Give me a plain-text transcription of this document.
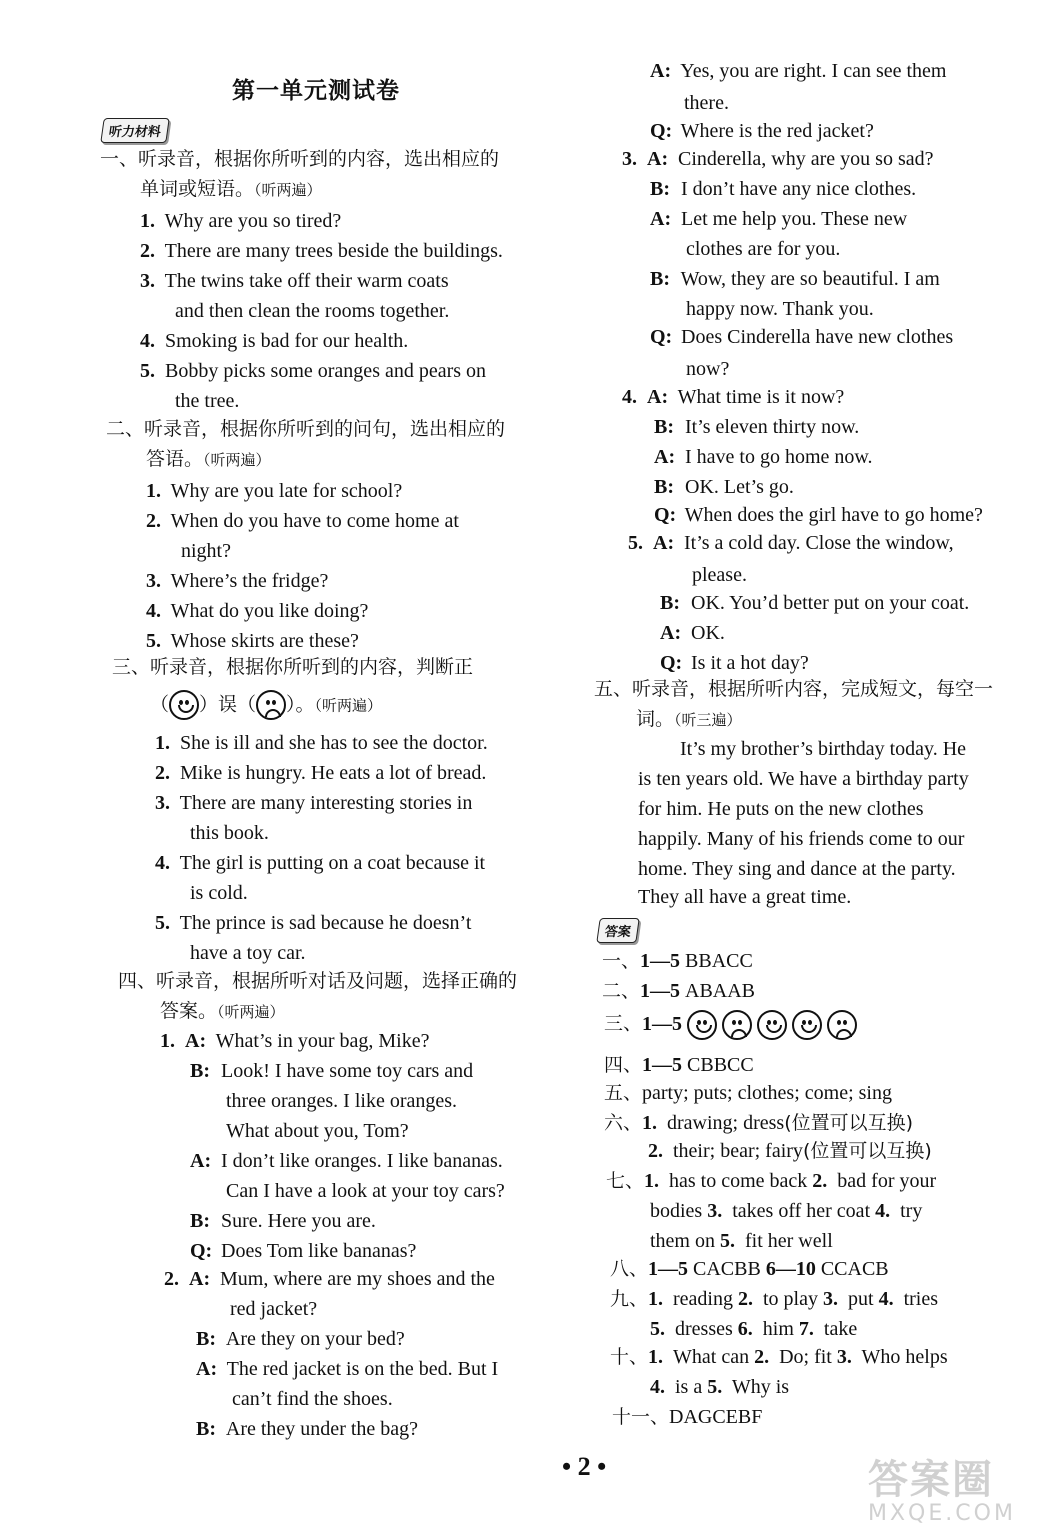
第一单元测试卷
听力材料
答案
一、听录音，根据你所听到的内容，选出相应的
单词或短语。（听两遍）
1. Why are you so tired?
2. There are many trees beside the buildings.
3. The twins take off their warm coats
and then clean the rooms together.
4. Smoking is bad for our health.
5. Bobby picks some oranges and pears on
the tree.
二、听录音，根据你所听到的问句，选出相应的
答语。（听两遍）
1. Why are you late for school?
2. When do you have to come home at
night?
3. Where’s the fridge?
4. What do you like doing?
5. Whose skirts are these?
三、听录音，根据你所听到的内容，判断正
（ ）误（ ）。（听两遍）
1. She is ill and she has to see the doctor.
2. Mike is hungry. He eats a lot of bread.
3. There are many interesting stories in
this book.
4. The girl is putting on a coat because it
is cold.
5. The prince is sad because he doesn’t
have a toy car.
四、听录音，根据所听对话及问题，选择正确的
答案。（听两遍）
1. A: What’s in your bag, Mike?
B: Look! I have some toy cars and
three oranges. I like oranges.
What about you, Tom?
A: I don’t like oranges. I like bananas.
Can I have a look at your toy cars?
B: Sure. Here you are.
Q: Does Tom like bananas?
2. A: Mum, where are my shoes and the
red jacket?
B: Are they on your bed?
A: The red jacket is on the bed. But I
can’t find the shoes.
B: Are they under the bag?
A: Yes, you are right. I can see them
there.
Q: Where is the red jacket?
3. A: Cinderella, why are you so sad?
B: I don’t have any nice clothes.
A: Let me help you. These new
clothes are for you.
B: Wow, they are so beautiful. I am
happy now. Thank you.
Q: Does Cinderella have new clothes
now?
4. A: What time is it now?
B: It’s eleven thirty now.
A: I have to go home now.
B: OK. Let’s go.
Q: When does the girl have to go home?
5. A: It’s a cold day. Close the window,
please.
B: OK. You’d better put on your coat.
A: OK.
Q: Is it a hot day?
五、听录音，根据所听内容，完成短文，每空一
词。（听三遍）
It’s my brother’s birthday today. He
is ten years old. We have a birthday party
for him. He puts on the new clothes
happily. Many of his friends come to our
home. They sing and dance at the party.
They all have a great time.
一、1—5 BBACC
二、1—5 ABAAB
三、1—5

四、1—5 CBBCC
五、party; puts; clothes; come; sing
六、1. drawing; dress(位置可以互换)
2. their; bear; fairy(位置可以互换)
七、1. has to come back 2. bad for your
bodies 3. takes off her coat 4. try
them on 5. fit her well
八、1—5 CACBB 6—10 CCACB
九、1. reading 2. to play 3. put 4. tries
5. dresses 6. him 7. take
十、1. What can 2. Do; fit 3. Who helps
4. is a 5. Why is
十一、DAGCEBF
• 2 •	答案圈
MXQE.COM
